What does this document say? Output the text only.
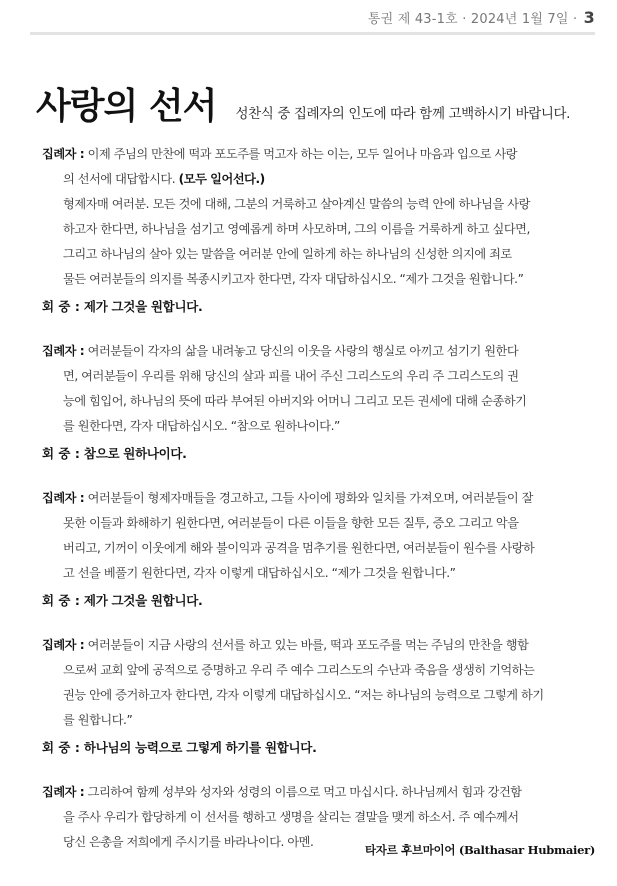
통권 제 43-1호 · 2024년 1월 7일 · 3
사랑의 선서 성찬식 중 집례자의 인도에 따라 함께 고백하시기 바랍니다.
집례자 : 이제 주님의 만찬에 떡과 포도주를 먹고자 하는 이는, 모두 일어나 마음과 입으로 사랑
의 선서에 대답합시다. (모두 일어선다.)
형제자매 여러분. 모든 것에 대해, 그분의 거룩하고 살아계신 말씀의 능력 안에 하나님을 사랑
하고자 한다면, 하나님을 섬기고 영예롭게 하며 사모하며, 그의 이름을 거룩하게 하고 싶다면,
그리고 하나님의 살아 있는 말씀을 여러분 안에 일하게 하는 하나님의 신성한 의지에 죄로
물든 여러분들의 의지를 복종시키고자 한다면, 각자 대답하십시오. “제가 그것을 원합니다.”
회 중 : 제가 그것을 원합니다.
집례자 : 여러분들이 각자의 삶을 내려놓고 당신의 이웃을 사랑의 행실로 아끼고 섬기기 원한다
면, 여러분들이 우리를 위해 당신의 살과 피를 내어 주신 그리스도의 우리 주 그리스도의 권
능에 힘입어, 하나님의 뜻에 따라 부여된 아버지와 어머니 그리고 모든 권세에 대해 순종하기
를 원한다면, 각자 대답하십시오. “참으로 원하나이다.”
회 중 : 참으로 원하나이다.
집례자 : 여러분들이 형제자매들을 경고하고, 그들 사이에 평화와 일치를 가져오며, 여러분들이 잘
못한 이들과 화해하기 원한다면, 여러분들이 다른 이들을 향한 모든 질투, 증오 그리고 악을
버리고, 기꺼이 이웃에게 해와 불이익과 공격을 멈추기를 원한다면, 여러분들이 원수를 사랑하
고 선을 베풀기 원한다면, 각자 이렇게 대답하십시오. “제가 그것을 원합니다.”
회 중 : 제가 그것을 원합니다.
집례자 : 여러분들이 지금 사랑의 선서를 하고 있는 바를, 떡과 포도주를 먹는 주님의 만찬을 행함
으로써 교회 앞에 공적으로 증명하고 우리 주 예수 그리스도의 수난과 죽음을 생생히 기억하는
권능 안에 증거하고자 한다면, 각자 이렇게 대답하십시오. “저는 하나님의 능력으로 그렇게 하기
를 원합니다.”
회 중 : 하나님의 능력으로 그렇게 하기를 원합니다.
집례자 : 그리하여 함께 성부와 성자와 성령의 이름으로 먹고 마십시다. 하나님께서 힘과 강건함
을 주사 우리가 합당하게 이 선서를 행하고 생명을 살리는 결말을 맺게 하소서. 주 예수께서
당신 은총을 저희에게 주시기를 바라나이다. 아멘.
타자르 후브마이어 (Balthasar Hubmaier)
